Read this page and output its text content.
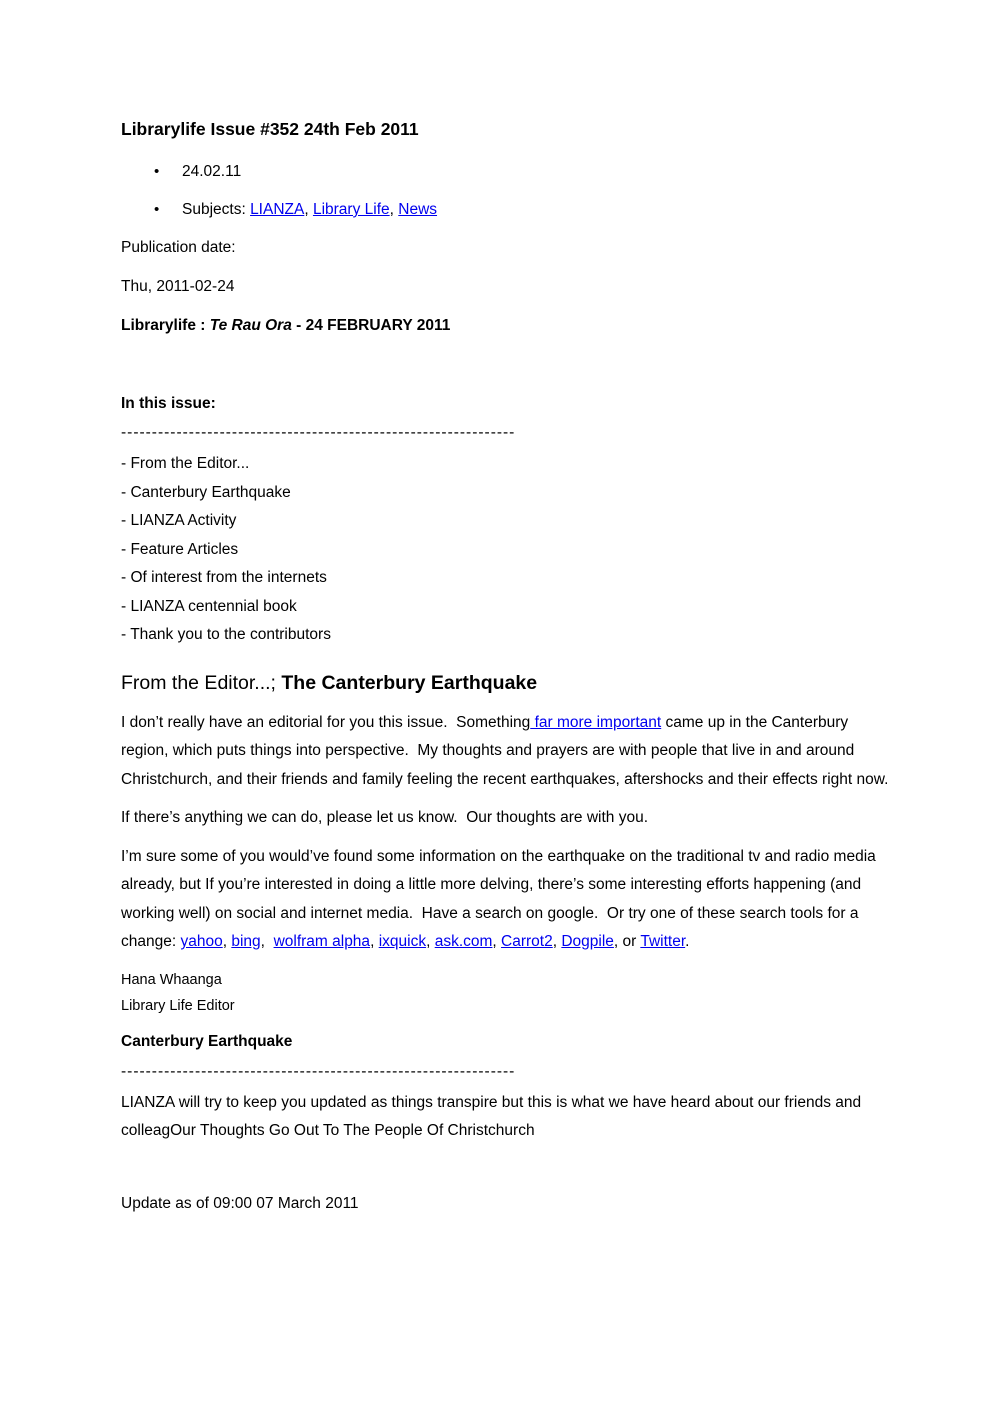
Librarylife Issue #352 24th Feb 2011
• 24.02.11
• Subjects: LIANZA, Library Life, News

Publication date:

Thu, 2011-02-24

Librarylife : Te Rau Ora - 24 FEBRUARY 2011

In this issue:

----------------------------------------------------------------
- From the Editor...
- Canterbury Earthquake
- LIANZA Activity
- Feature Articles
- Of interest from the internets
- LIANZA centennial book
- Thank you to the contributors
From the Editor...; The Canterbury Earthquake

I don’t really have an editorial for you this issue.  Something far more important came up in the Canterbury region, which puts things into perspective.  My thoughts and prayers are with people that live in and around Christchurch, and their friends and family feeling the recent earthquakes, aftershocks and their effects right now.

If there’s anything we can do, please let us know.  Our thoughts are with you.

I’m sure some of you would’ve found some information on the earthquake on the traditional tv and radio media already, but If you’re interested in doing a little more delving, there’s some interesting efforts happening (and working well) on social and internet media.  Have a search on google.  Or try one of these search tools for a change: yahoo, bing,  wolfram alpha, ixquick, ask.com, Carrot2, Dogpile, or Twitter.

Hana Whaanga
Library Life Editor

Canterbury Earthquake

----------------------------------------------------------------

LIANZA will try to keep you updated as things transpire but this is what we have heard about our friends and colleagOur Thoughts Go Out To The People Of Christchurch

Update as of 09:00 07 March 2011
